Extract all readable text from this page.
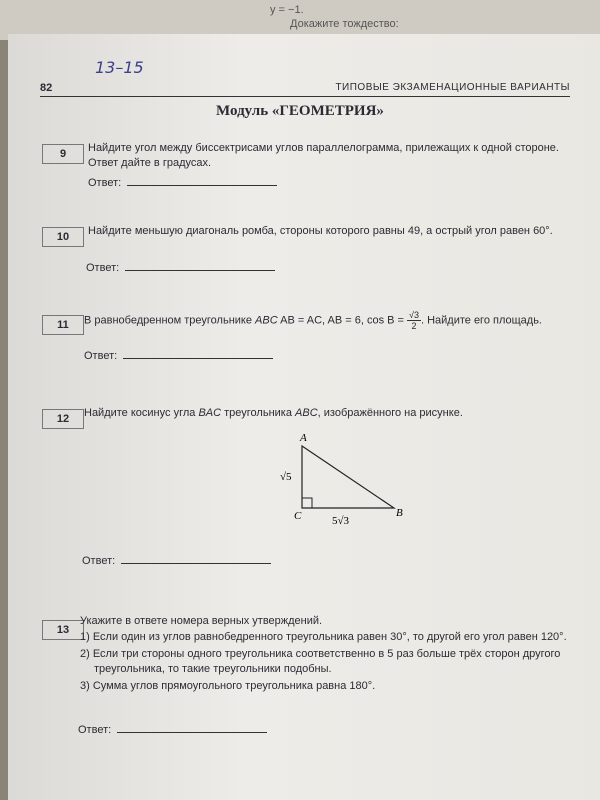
y = −1.
Докажите тождество:
13–15
82	ТИПОВЫЕ ЭКЗАМЕНАЦИОННЫЕ ВАРИАНТЫ
Модуль «ГЕОМЕТРИЯ»
9	Найдите угол между биссектрисами углов параллелограмма, прилежащих к одной стороне. Ответ дайте в градусах.
Ответ:
10	Найдите меньшую диагональ ромба, стороны которого равны 49, а острый угол равен 60°.
Ответ:
11	В равнобедренном треугольнике ABC AB = AC, AB = 6, $\cos B = \frac{√3}{2}$ . Найдите его площадь.
Ответ:
12	Найдите косинус угла BAC треугольника ABC, изображённого на рисунке.
A
C	B
√5
5√3
Ответ:
13
Укажите в ответе номера верных утверждений.
1) Если один из углов равнобедренного треугольника равен 30°, то другой его угол равен 120°.
2) Если три стороны одного треугольника соответственно в 5 раз больше трёх сторон другого треугольника, то такие треугольники подобны.
3) Сумма углов прямоугольного треугольника равна 180°.
Ответ:
